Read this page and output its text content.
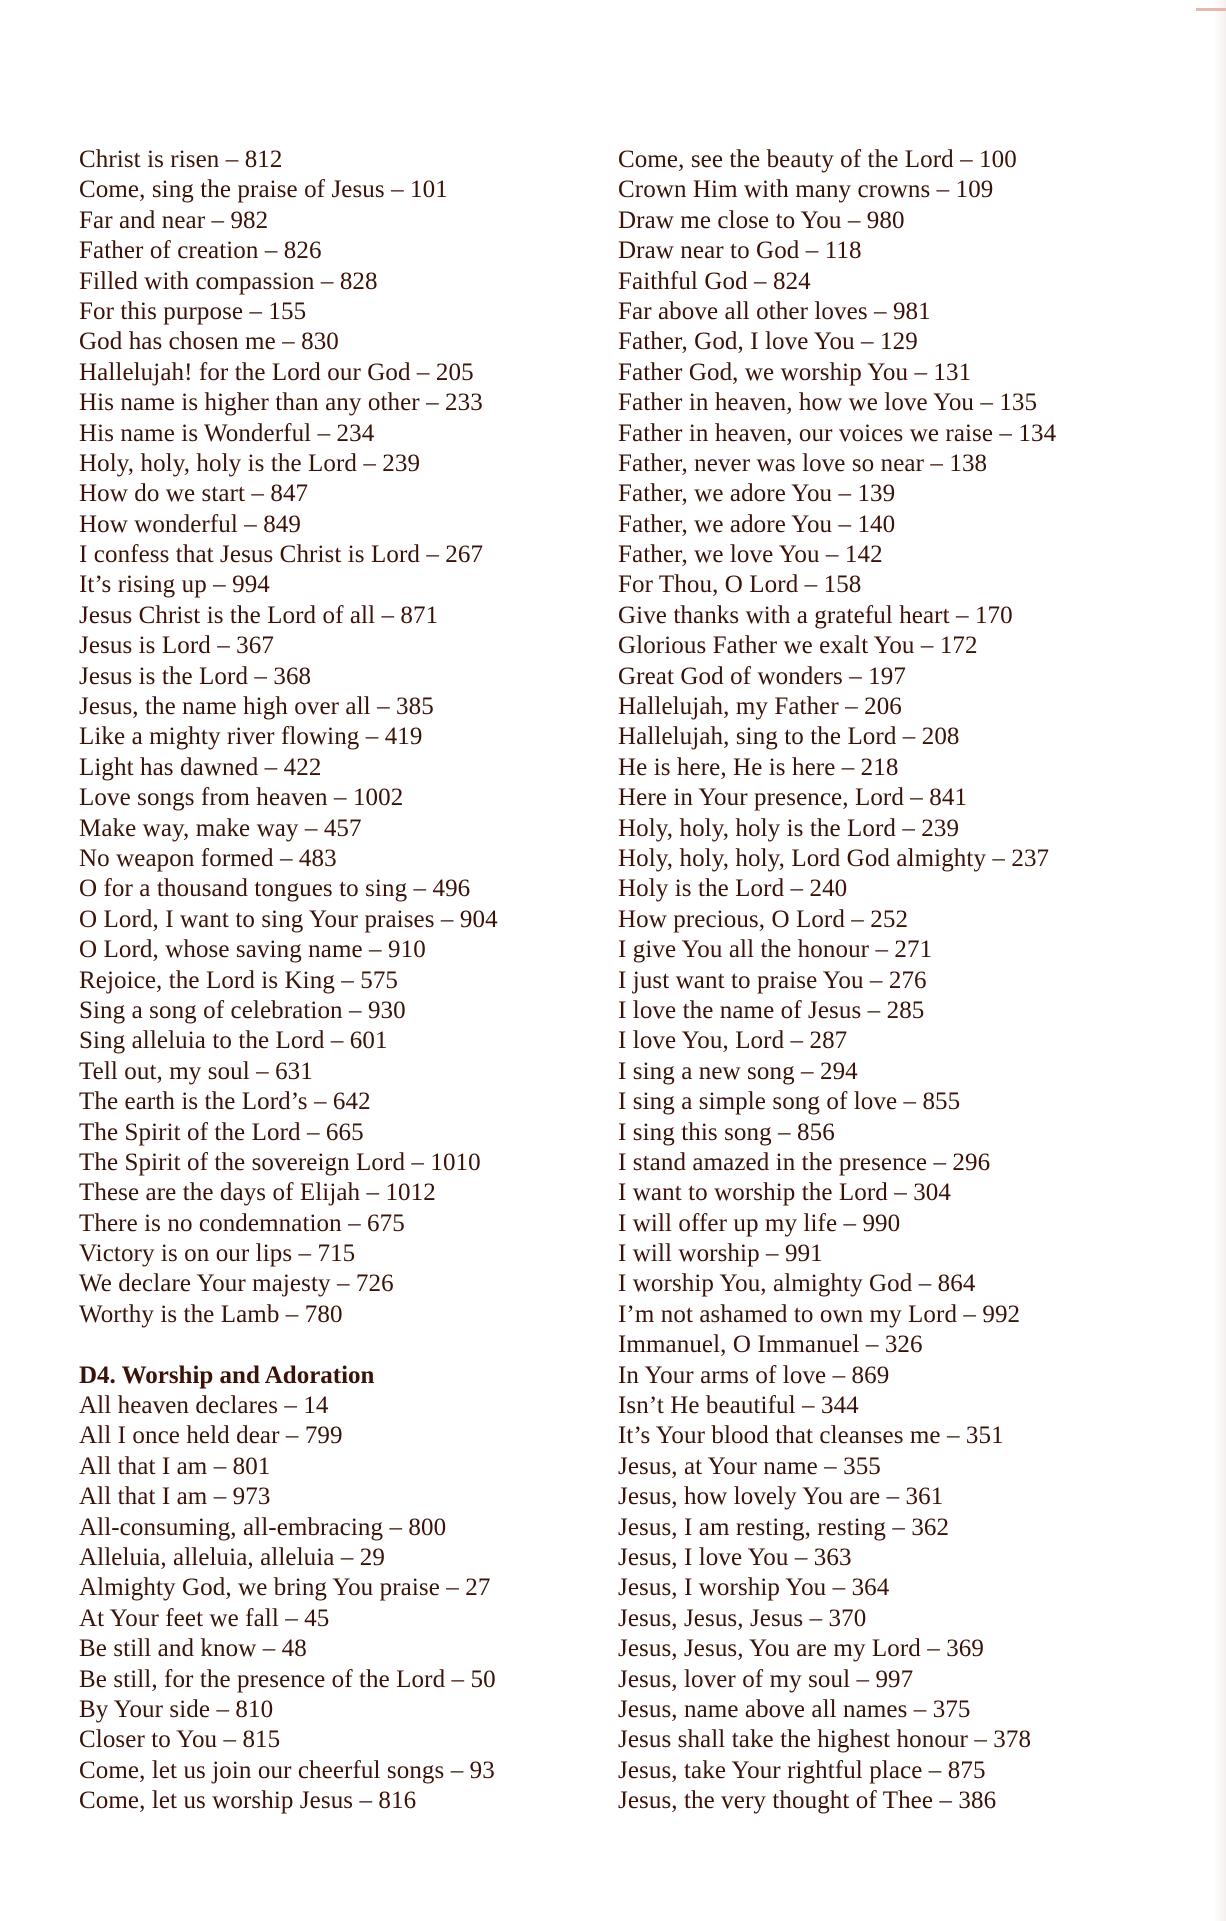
Christ is risen – 812
Come, sing the praise of Jesus – 101
Far and near – 982
Father of creation – 826
Filled with compassion – 828
For this purpose – 155
God has chosen me – 830
Hallelujah! for the Lord our God – 205
His name is higher than any other – 233
His name is Wonderful – 234
Holy, holy, holy is the Lord – 239
How do we start – 847
How wonderful – 849
I confess that Jesus Christ is Lord – 267
It’s rising up – 994
Jesus Christ is the Lord of all – 871
Jesus is Lord – 367
Jesus is the Lord – 368
Jesus, the name high over all – 385
Like a mighty river flowing – 419
Light has dawned – 422
Love songs from heaven – 1002
Make way, make way – 457
No weapon formed – 483
O for a thousand tongues to sing – 496
O Lord, I want to sing Your praises – 904
O Lord, whose saving name – 910
Rejoice, the Lord is King – 575
Sing a song of celebration – 930
Sing alleluia to the Lord – 601
Tell out, my soul – 631
The earth is the Lord’s – 642
The Spirit of the Lord – 665
The Spirit of the sovereign Lord – 1010
These are the days of Elijah – 1012
There is no condemnation – 675
Victory is on our lips – 715
We declare Your majesty – 726
Worthy is the Lamb – 780
D4. Worship and Adoration
All heaven declares – 14
All I once held dear – 799
All that I am – 801
All that I am – 973
All-consuming, all-embracing – 800
Alleluia, alleluia, alleluia – 29
Almighty God, we bring You praise – 27
At Your feet we fall – 45
Be still and know – 48
Be still, for the presence of the Lord – 50
By Your side – 810
Closer to You – 815
Come, let us join our cheerful songs – 93
Come, let us worship Jesus – 816
Come, see the beauty of the Lord – 100
Crown Him with many crowns – 109
Draw me close to You – 980
Draw near to God – 118
Faithful God – 824
Far above all other loves – 981
Father, God, I love You – 129
Father God, we worship You – 131
Father in heaven, how we love You – 135
Father in heaven, our voices we raise – 134
Father, never was love so near – 138
Father, we adore You – 139
Father, we adore You – 140
Father, we love You – 142
For Thou, O Lord – 158
Give thanks with a grateful heart – 170
Glorious Father we exalt You – 172
Great God of wonders – 197
Hallelujah, my Father – 206
Hallelujah, sing to the Lord – 208
He is here, He is here – 218
Here in Your presence, Lord – 841
Holy, holy, holy is the Lord – 239
Holy, holy, holy, Lord God almighty – 237
Holy is the Lord – 240
How precious, O Lord – 252
I give You all the honour – 271
I just want to praise You – 276
I love the name of Jesus – 285
I love You, Lord – 287
I sing a new song – 294
I sing a simple song of love – 855
I sing this song – 856
I stand amazed in the presence – 296
I want to worship the Lord – 304
I will offer up my life – 990
I will worship – 991
I worship You, almighty God – 864
I’m not ashamed to own my Lord – 992
Immanuel, O Immanuel – 326
In Your arms of love – 869
Isn’t He beautiful – 344
It’s Your blood that cleanses me – 351
Jesus, at Your name – 355
Jesus, how lovely You are – 361
Jesus, I am resting, resting – 362
Jesus, I love You – 363
Jesus, I worship You – 364
Jesus, Jesus, Jesus – 370
Jesus, Jesus, You are my Lord – 369
Jesus, lover of my soul – 997
Jesus, name above all names – 375
Jesus shall take the highest honour – 378
Jesus, take Your rightful place – 875
Jesus, the very thought of Thee – 386
